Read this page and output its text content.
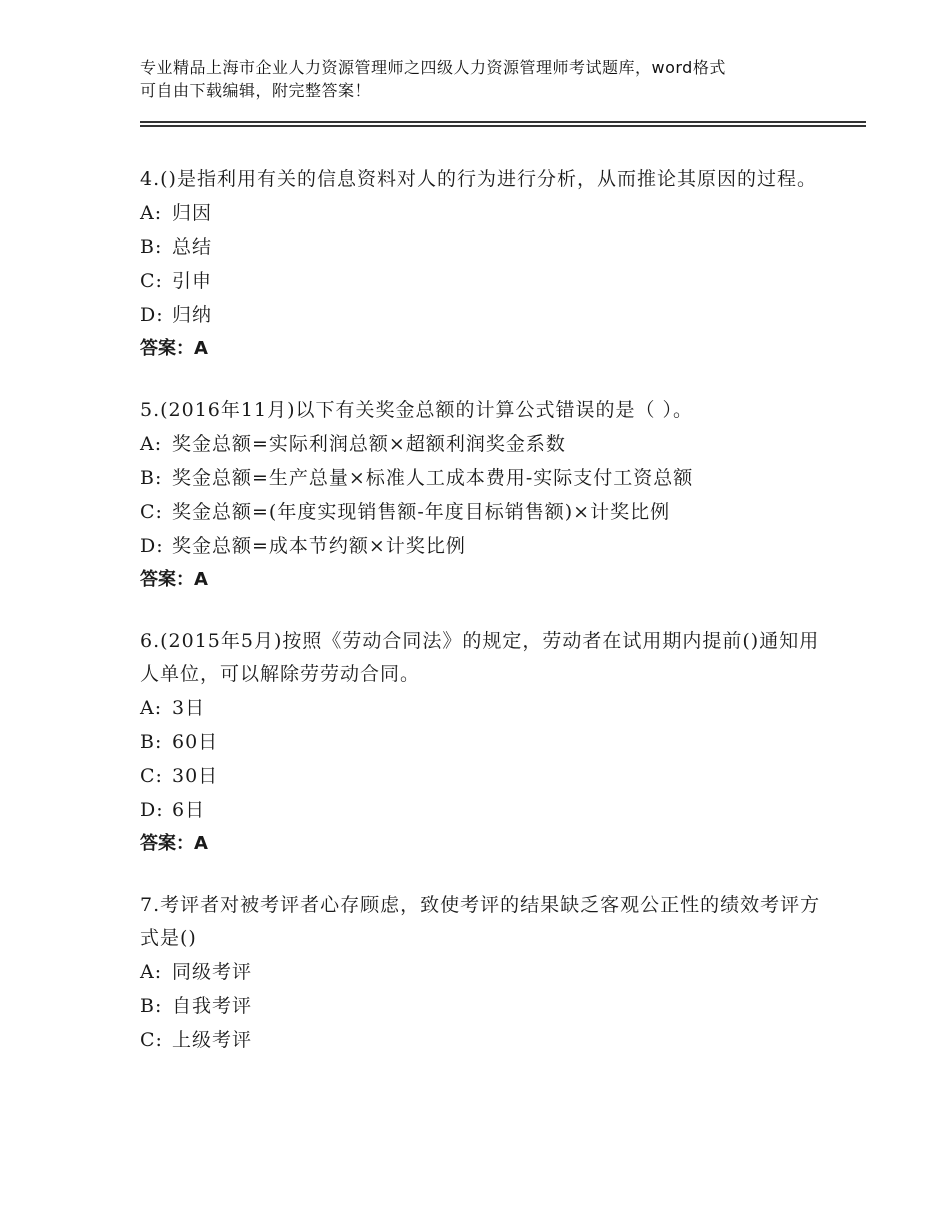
专业精品上海市企业人力资源管理师之四级人力资源管理师考试题库，word格式
可自由下载编辑，附完整答案！

4.()是指利用有关的信息资料对人的行为进行分析，从而推论其原因的过程。

A: 归因

B: 总结

C: 引申

D: 归纳

答案：A

5.(2016年11月)以下有关奖金总额的计算公式错误的是（ ）。

A: 奖金总额=实际利润总额×超额利润奖金系数

B: 奖金总额=生产总量×标准人工成本费用-实际支付工资总额

C: 奖金总额=(年度实现销售额-年度目标销售额)×计奖比例

D: 奖金总额=成本节约额×计奖比例

答案：A

6.(2015年5月)按照《劳动合同法》的规定，劳动者在试用期内提前()通知用人单位，可以解除劳劳动合同。

A: 3日

B: 60日

C: 30日

D: 6日

答案：A

7.考评者对被考评者心存顾虑，致使考评的结果缺乏客观公正性的绩效考评方式是()

A: 同级考评

B: 自我考评

C: 上级考评
